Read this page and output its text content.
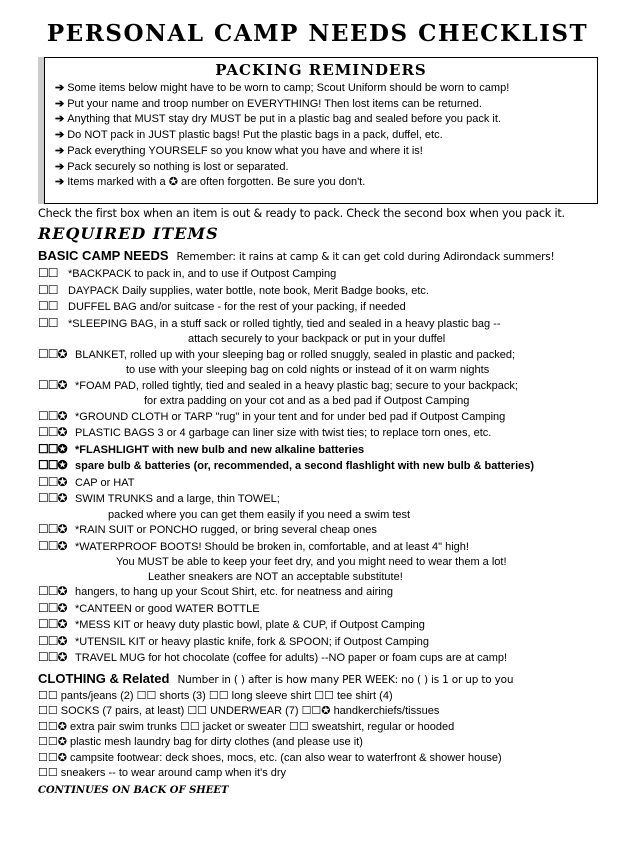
PERSONAL CAMP NEEDS CHECKLIST
PACKING REMINDERS
➔ Some items below might have to be worn to camp; Scout Uniform should be worn to camp!
➔ Put your name and troop number on EVERYTHING! Then lost items can be returned.
➔ Anything that MUST stay dry MUST be put in a plastic bag and sealed before you pack it.
➔ Do NOT pack in JUST plastic bags! Put the plastic bags in a pack, duffel, etc.
➔ Pack everything YOURSELF so you know what you have and where it is!
➔ Pack securely so nothing is lost or separated.
➔ Items marked with a ✪ are often forgotten. Be sure you don't.
Check the first box when an item is out & ready to pack. Check the second box when you pack it.
REQUIRED ITEMS
BASIC CAMP NEEDS Remember: it rains at camp & it can get cold during Adirondack summers!
☐☐ *BACKPACK to pack in, and to use if Outpost Camping
☐☐ DAYPACK Daily supplies, water bottle, note book, Merit Badge books, etc.
☐☐ DUFFEL BAG and/or suitcase - for the rest of your packing, if needed
☐☐ *SLEEPING BAG, in a stuff sack or rolled tightly, tied and sealed in a heavy plastic bag --
attach securely to your backpack or put in your duffel
☐☐✪ BLANKET, rolled up with your sleeping bag or rolled snuggly, sealed in plastic and packed;
to use with your sleeping bag on cold nights or instead of it on warm nights
☐☐✪ *FOAM PAD, rolled tightly, tied and sealed in a heavy plastic bag; secure to your backpack;
for extra padding on your cot and as a bed pad if Outpost Camping
☐☐✪ *GROUND CLOTH or TARP "rug" in your tent and for under bed pad if Outpost Camping
☐☐✪ PLASTIC BAGS 3 or 4 garbage can liner size with twist ties; to replace torn ones, etc.
☐☐✪ *FLASHLIGHT with new bulb and new alkaline batteries
☐☐✪ spare bulb & batteries (or, recommended, a second flashlight with new bulb & batteries)
☐☐✪ CAP or HAT
☐☐✪ SWIM TRUNKS and a large, thin TOWEL;
packed where you can get them easily if you need a swim test
☐☐✪ *RAIN SUIT or PONCHO rugged, or bring several cheap ones
☐☐✪ *WATERPROOF BOOTS! Should be broken in, comfortable, and at least 4" high!
You MUST be able to keep your feet dry, and you might need to wear them a lot!
Leather sneakers are NOT an acceptable substitute!
☐☐✪ hangers, to hang up your Scout Shirt, etc. for neatness and airing
☐☐✪ *CANTEEN or good WATER BOTTLE
☐☐✪ *MESS KIT or heavy duty plastic bowl, plate & CUP, if Outpost Camping
☐☐✪ *UTENSIL KIT or heavy plastic knife, fork & SPOON; if Outpost Camping
☐☐✪ TRAVEL MUG for hot chocolate (coffee for adults) --NO paper or foam cups are at camp!
CLOTHING & Related Number in ( ) after is how many PER WEEK: no ( ) is 1 or up to you
☐☐ pants/jeans (2) ☐☐ shorts (3) ☐☐ long sleeve shirt ☐☐ tee shirt (4)
☐☐ SOCKS (7 pairs, at least) ☐☐ UNDERWEAR (7) ☐☐✪ handkerchiefs/tissues
☐☐✪ extra pair swim trunks ☐☐ jacket or sweater ☐☐ sweatshirt, regular or hooded
☐☐✪ plastic mesh laundry bag for dirty clothes (and please use it)
☐☐✪ campsite footwear: deck shoes, mocs, etc. (can also wear to waterfront & shower house)
☐☐ sneakers -- to wear around camp when it's dry
CONTINUES ON BACK OF SHEET
